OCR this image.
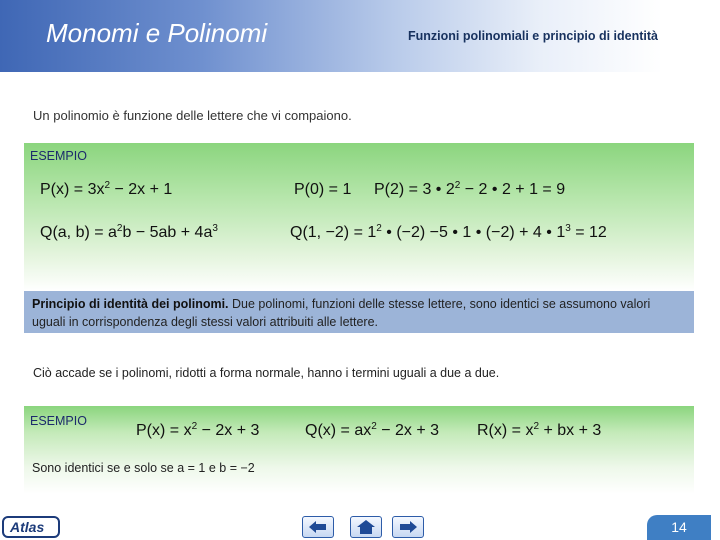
Monomi e Polinomi	Funzioni polinomiali e principio di identità
Un polinomio è funzione delle lettere che vi compaiono.
ESEMPIO
$P(x) = 3x^2 - 2x + 1$	P(0) = 1 P(2) = 3 • $2^2 - 2$ • 2 + 1 = 9
Q(a, $b) = a^2b - 5ab + 4a^3$	Q(1, $-2) = 1^2$ • (−2) −5 • 1 • (−2) + 4 • $1^3 = 12$
Principio di identità dei polinomi. Due polinomi, funzioni delle stesse lettere, sono identici se assumono valori uguali in corrispondenza degli stessi valori attribuiti alle lettere.
Ciò accade se i polinomi, ridotti a forma normale, hanno i termini uguali a due a due.
ESEMPIO
$P(x) = x^2 - 2x + 3$	$Q(x) = ax^2 - 2x + 3$ $R(x) = x^2$ + bx + 3
Sono identici se e solo se a = 1 e b = −2
Atlas	14
